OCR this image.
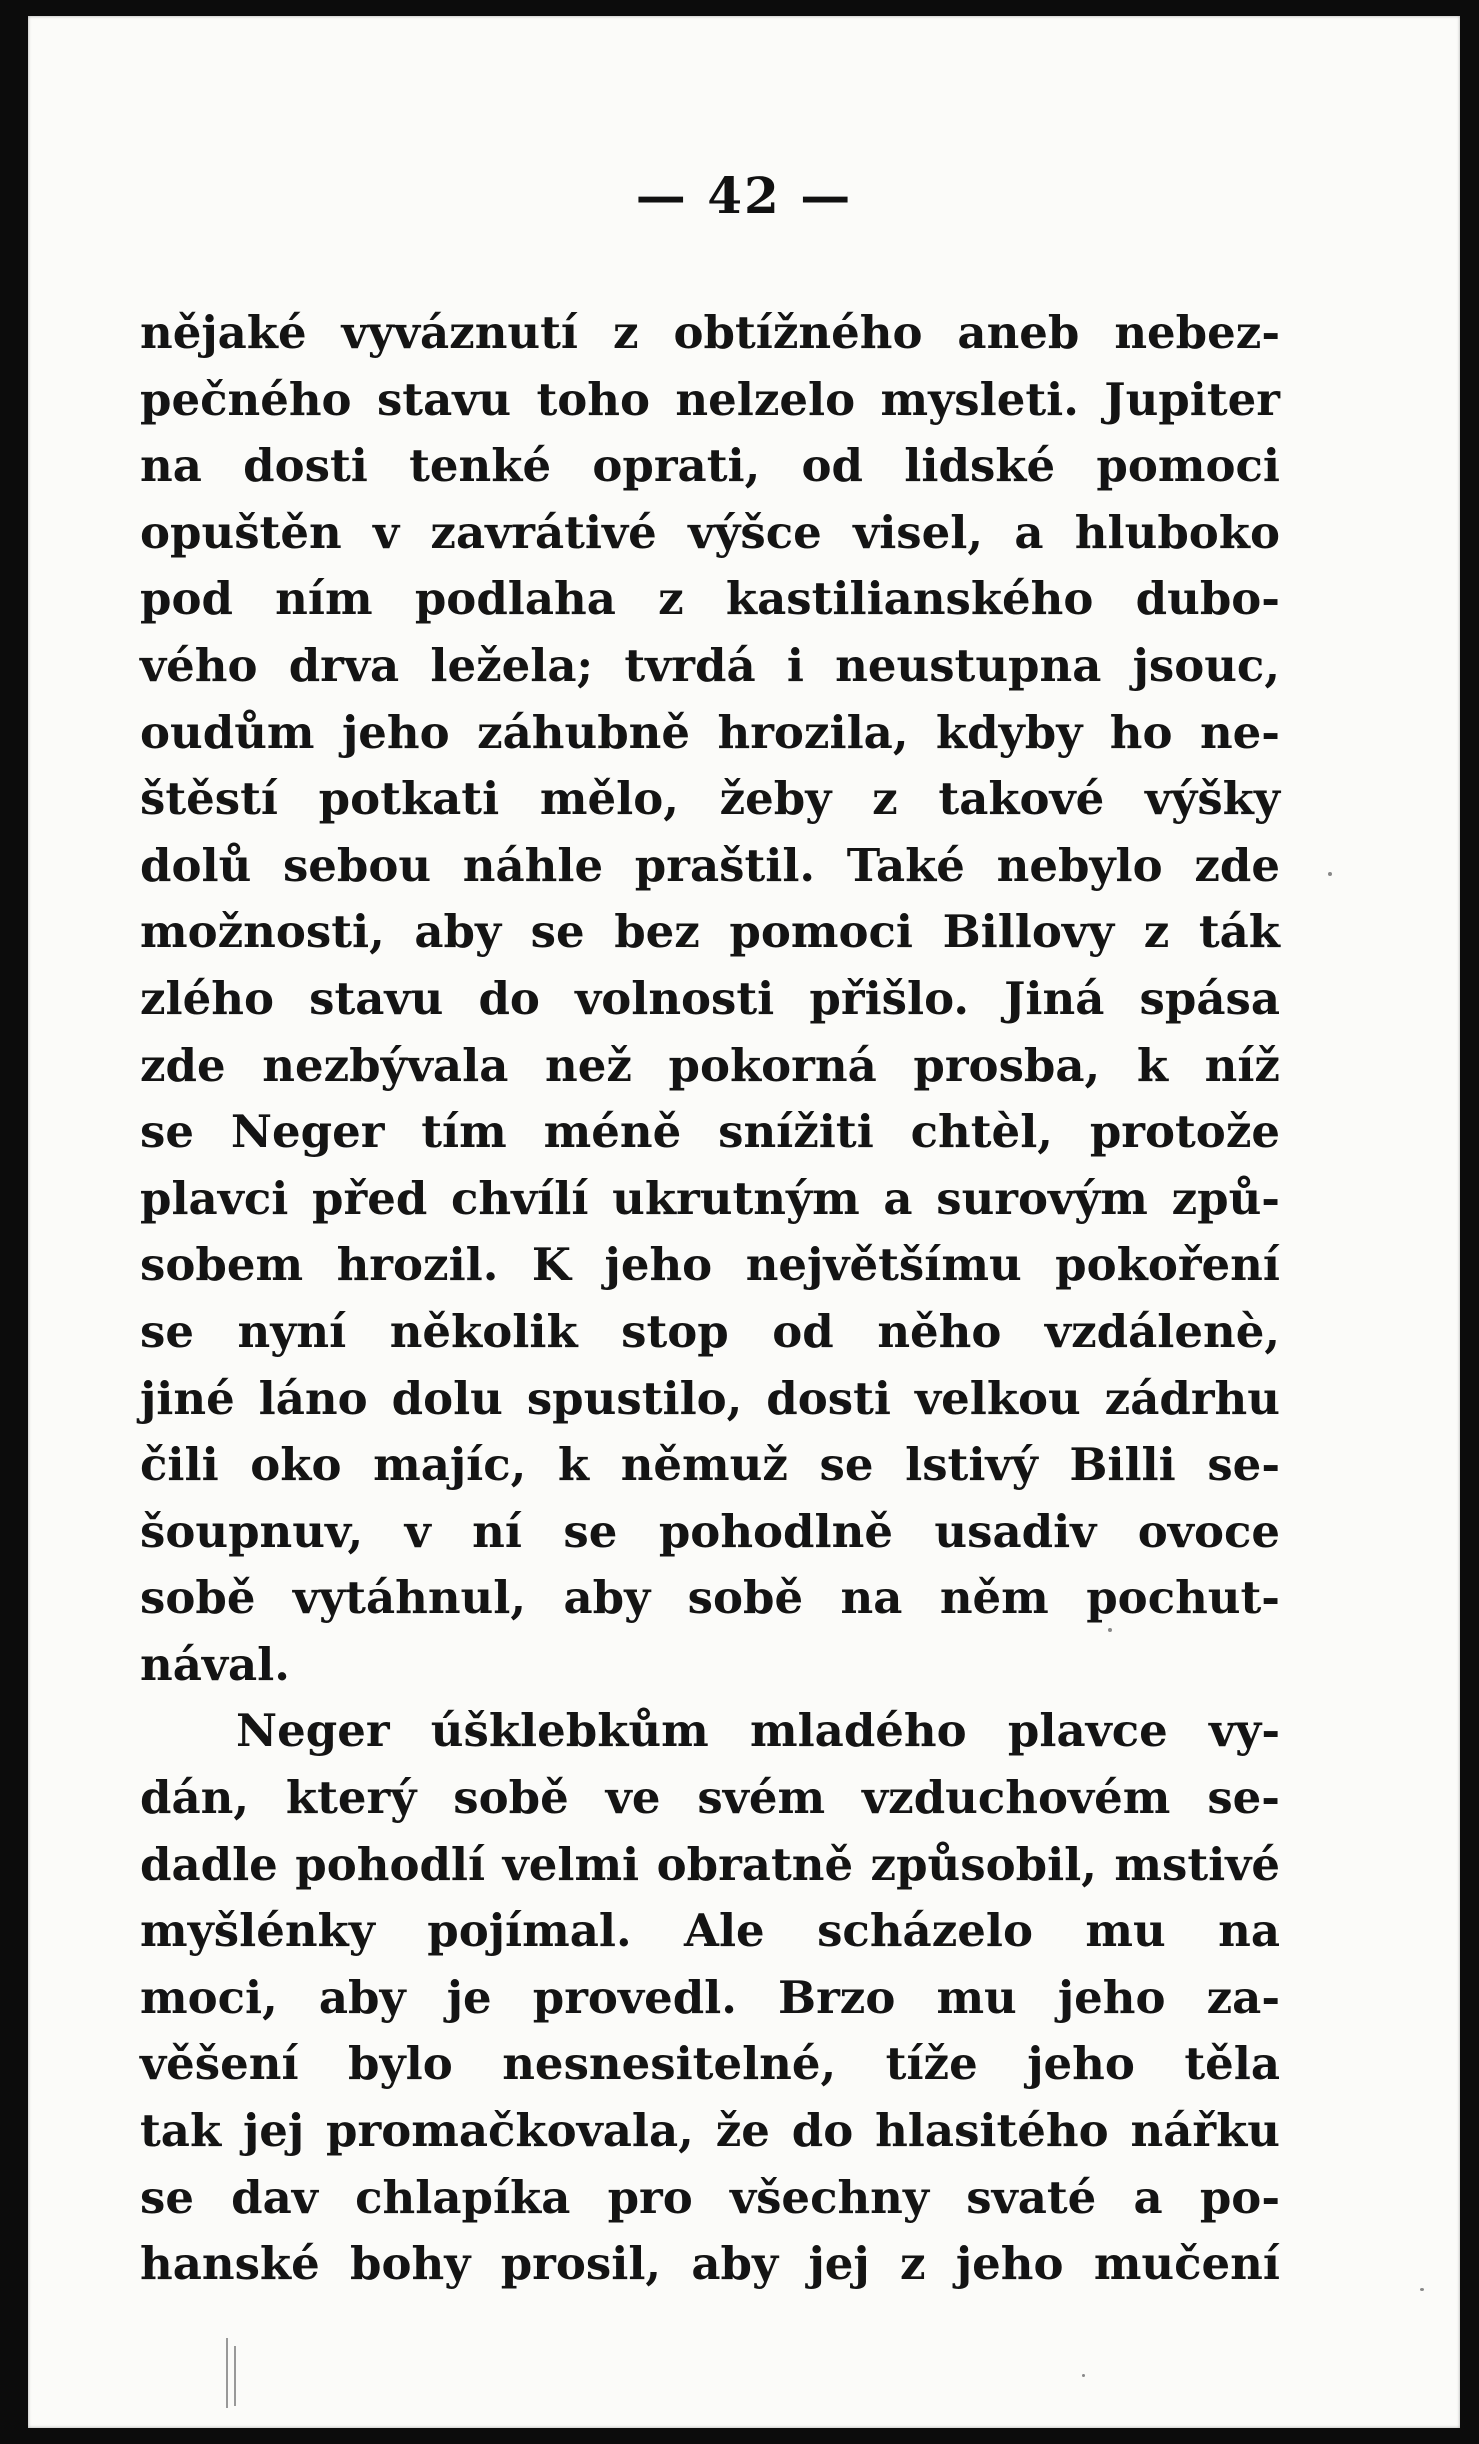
— 42 —
nějaké vyváznutí z obtížného aneb nebez-
pečného stavu toho nelzelo mysleti. Jupiter
na dosti tenké oprati, od lidské pomoci
opuštěn v zavrátivé výšce visel, a hluboko
pod ním podlaha z kastilianského dubo-
vého drva ležela; tvrdá i neustupna jsouc,
oudům jeho záhubně hrozila, kdyby ho ne-
štěstí potkati mělo, žeby z takové výšky
dolů sebou náhle praštil. Také nebylo zde
možnosti, aby se bez pomoci Billovy z ták
zlého stavu do volnosti přišlo. Jiná spása
zde nezbývala než pokorná prosba, k níž
se Neger tím méně snížiti chtèl, protože
plavci před chvílí ukrutným a surovým způ-
sobem hrozil. K jeho největšímu pokoření
se nyní několik stop od něho vzdálenè,
jiné láno dolu spustilo, dosti velkou zádrhu
čili oko majíc, k němuž se lstivý Billi se-
šoupnuv, v ní se pohodlně usadiv ovoce
sobě vytáhnul, aby sobě na něm pochut-
nával.
Neger úšklebkům mladého plavce vy-
dán, který sobě ve svém vzduchovém se-
dadle pohodlí velmi obratně způsobil, mstivé
myšlénky pojímal. Ale scházelo mu na
moci, aby je provedl. Brzo mu jeho za-
věšení bylo nesnesitelné, tíže jeho těla
tak jej promačkovala, že do hlasitého nářku
se dav chlapíka pro všechny svaté a po-
hanské bohy prosil, aby jej z jeho mučení
